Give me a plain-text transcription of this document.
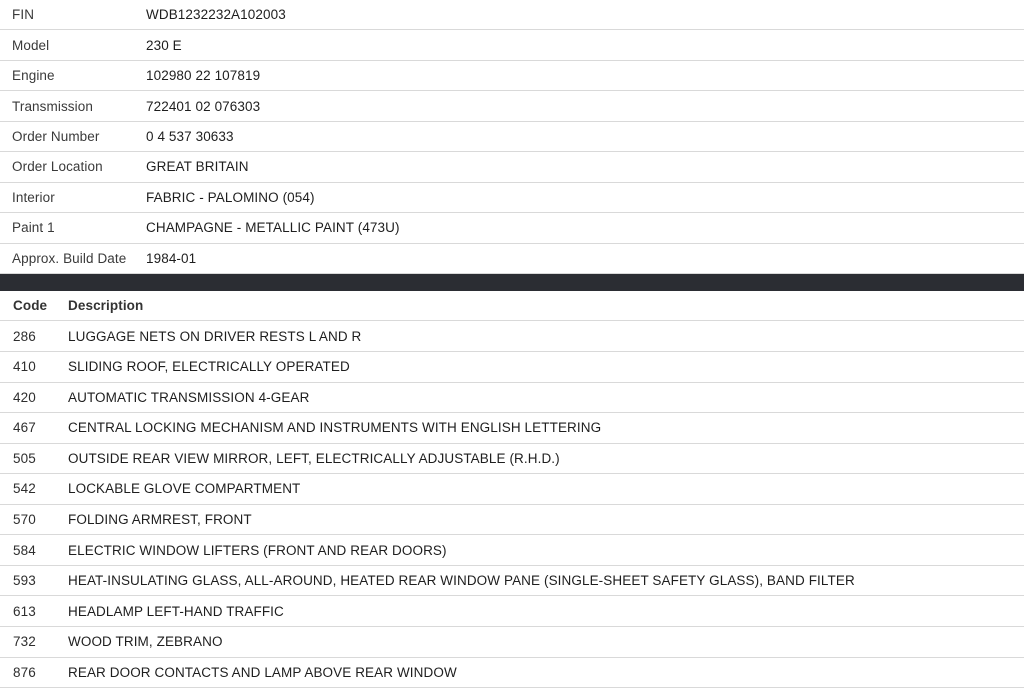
FIN	WDB1232232A102003
Model	230 E
Engine	102980 22 107819
Transmission	722401 02 076303
Order Number	0 4 537 30633
Order Location	GREAT BRITAIN
Interior	FABRIC - PALOMINO (054)
Paint 1	CHAMPAGNE - METALLIC PAINT (473U)
Approx. Build Date	1984-01
Code	Description
286	LUGGAGE NETS ON DRIVER RESTS L AND R
410	SLIDING ROOF, ELECTRICALLY OPERATED
420	AUTOMATIC TRANSMISSION 4-GEAR
467	CENTRAL LOCKING MECHANISM AND INSTRUMENTS WITH ENGLISH LETTERING
505	OUTSIDE REAR VIEW MIRROR, LEFT, ELECTRICALLY ADJUSTABLE (R.H.D.)
542	LOCKABLE GLOVE COMPARTMENT
570	FOLDING ARMREST, FRONT
584	ELECTRIC WINDOW LIFTERS (FRONT AND REAR DOORS)
593	HEAT-INSULATING GLASS, ALL-AROUND, HEATED REAR WINDOW PANE (SINGLE-SHEET SAFETY GLASS), BAND FILTER
613	HEADLAMP LEFT-HAND TRAFFIC
732	WOOD TRIM, ZEBRANO
876	REAR DOOR CONTACTS AND LAMP ABOVE REAR WINDOW
